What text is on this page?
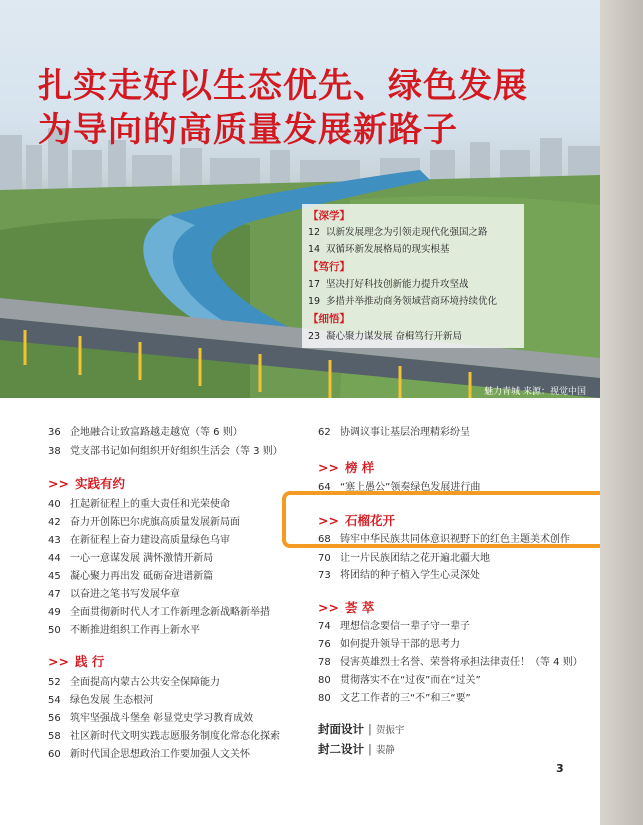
扎实走好以生态优先、绿色发展
为导向的高质量发展新路子
【深学】
12 以新发展理念为引领走现代化强国之路
14 双循环新发展格局的现实根基
【笃行】
17 坚决打好科技创新能力提升攻坚战
19 多措并举推动商务领域营商环境持续优化
【细悟】
23 凝心聚力谋发展 奋楫笃行开新局
魅力青城 来源：视觉中国
36 企地融合让致富路越走越宽（等 6 则）
38 党支部书记如何组织开好组织生活会（等 3 则）
>> 实践有约
40 扛起新征程上的重大责任和光荣使命
42 奋力开创陈巴尔虎旗高质量发展新局面
43 在新征程上奋力建设高质量绿色乌审
44 一心一意谋发展 满怀激情开新局
45 凝心聚力再出发 砥砺奋进谱新篇
47 以奋进之笔书写发展华章
49 全面贯彻新时代人才工作新理念新战略新举措
50 不断推进组织工作再上新水平
>> 践 行
52 全面提高内蒙古公共安全保障能力
54 绿色发展 生态根河
56 筑牢坚强战斗堡垒 彰显党史学习教育成效
58 社区新时代文明实践志愿服务制度化常态化探索
60 新时代国企思想政治工作要加强人文关怀
62 协调议事让基层治理精彩纷呈
>> 榜 样
64 “塞上愚公”领奏绿色发展进行曲
>> 石榴花开
68 铸牢中华民族共同体意识视野下的红色主题美术创作
70 让一片民族团结之花开遍北疆大地
73 将团结的种子植入学生心灵深处
>> 荟 萃
74 理想信念要信一辈子守一辈子
76 如何提升领导干部的思考力
78 侵害英雄烈士名誉、荣誉将承担法律责任！（等 4 则）
80 贯彻落实不在“过夜”而在“过关”
80 文艺工作者的三“不”和三“要”
封面设计 | 贺振宇
封二设计 | 裴静
3
